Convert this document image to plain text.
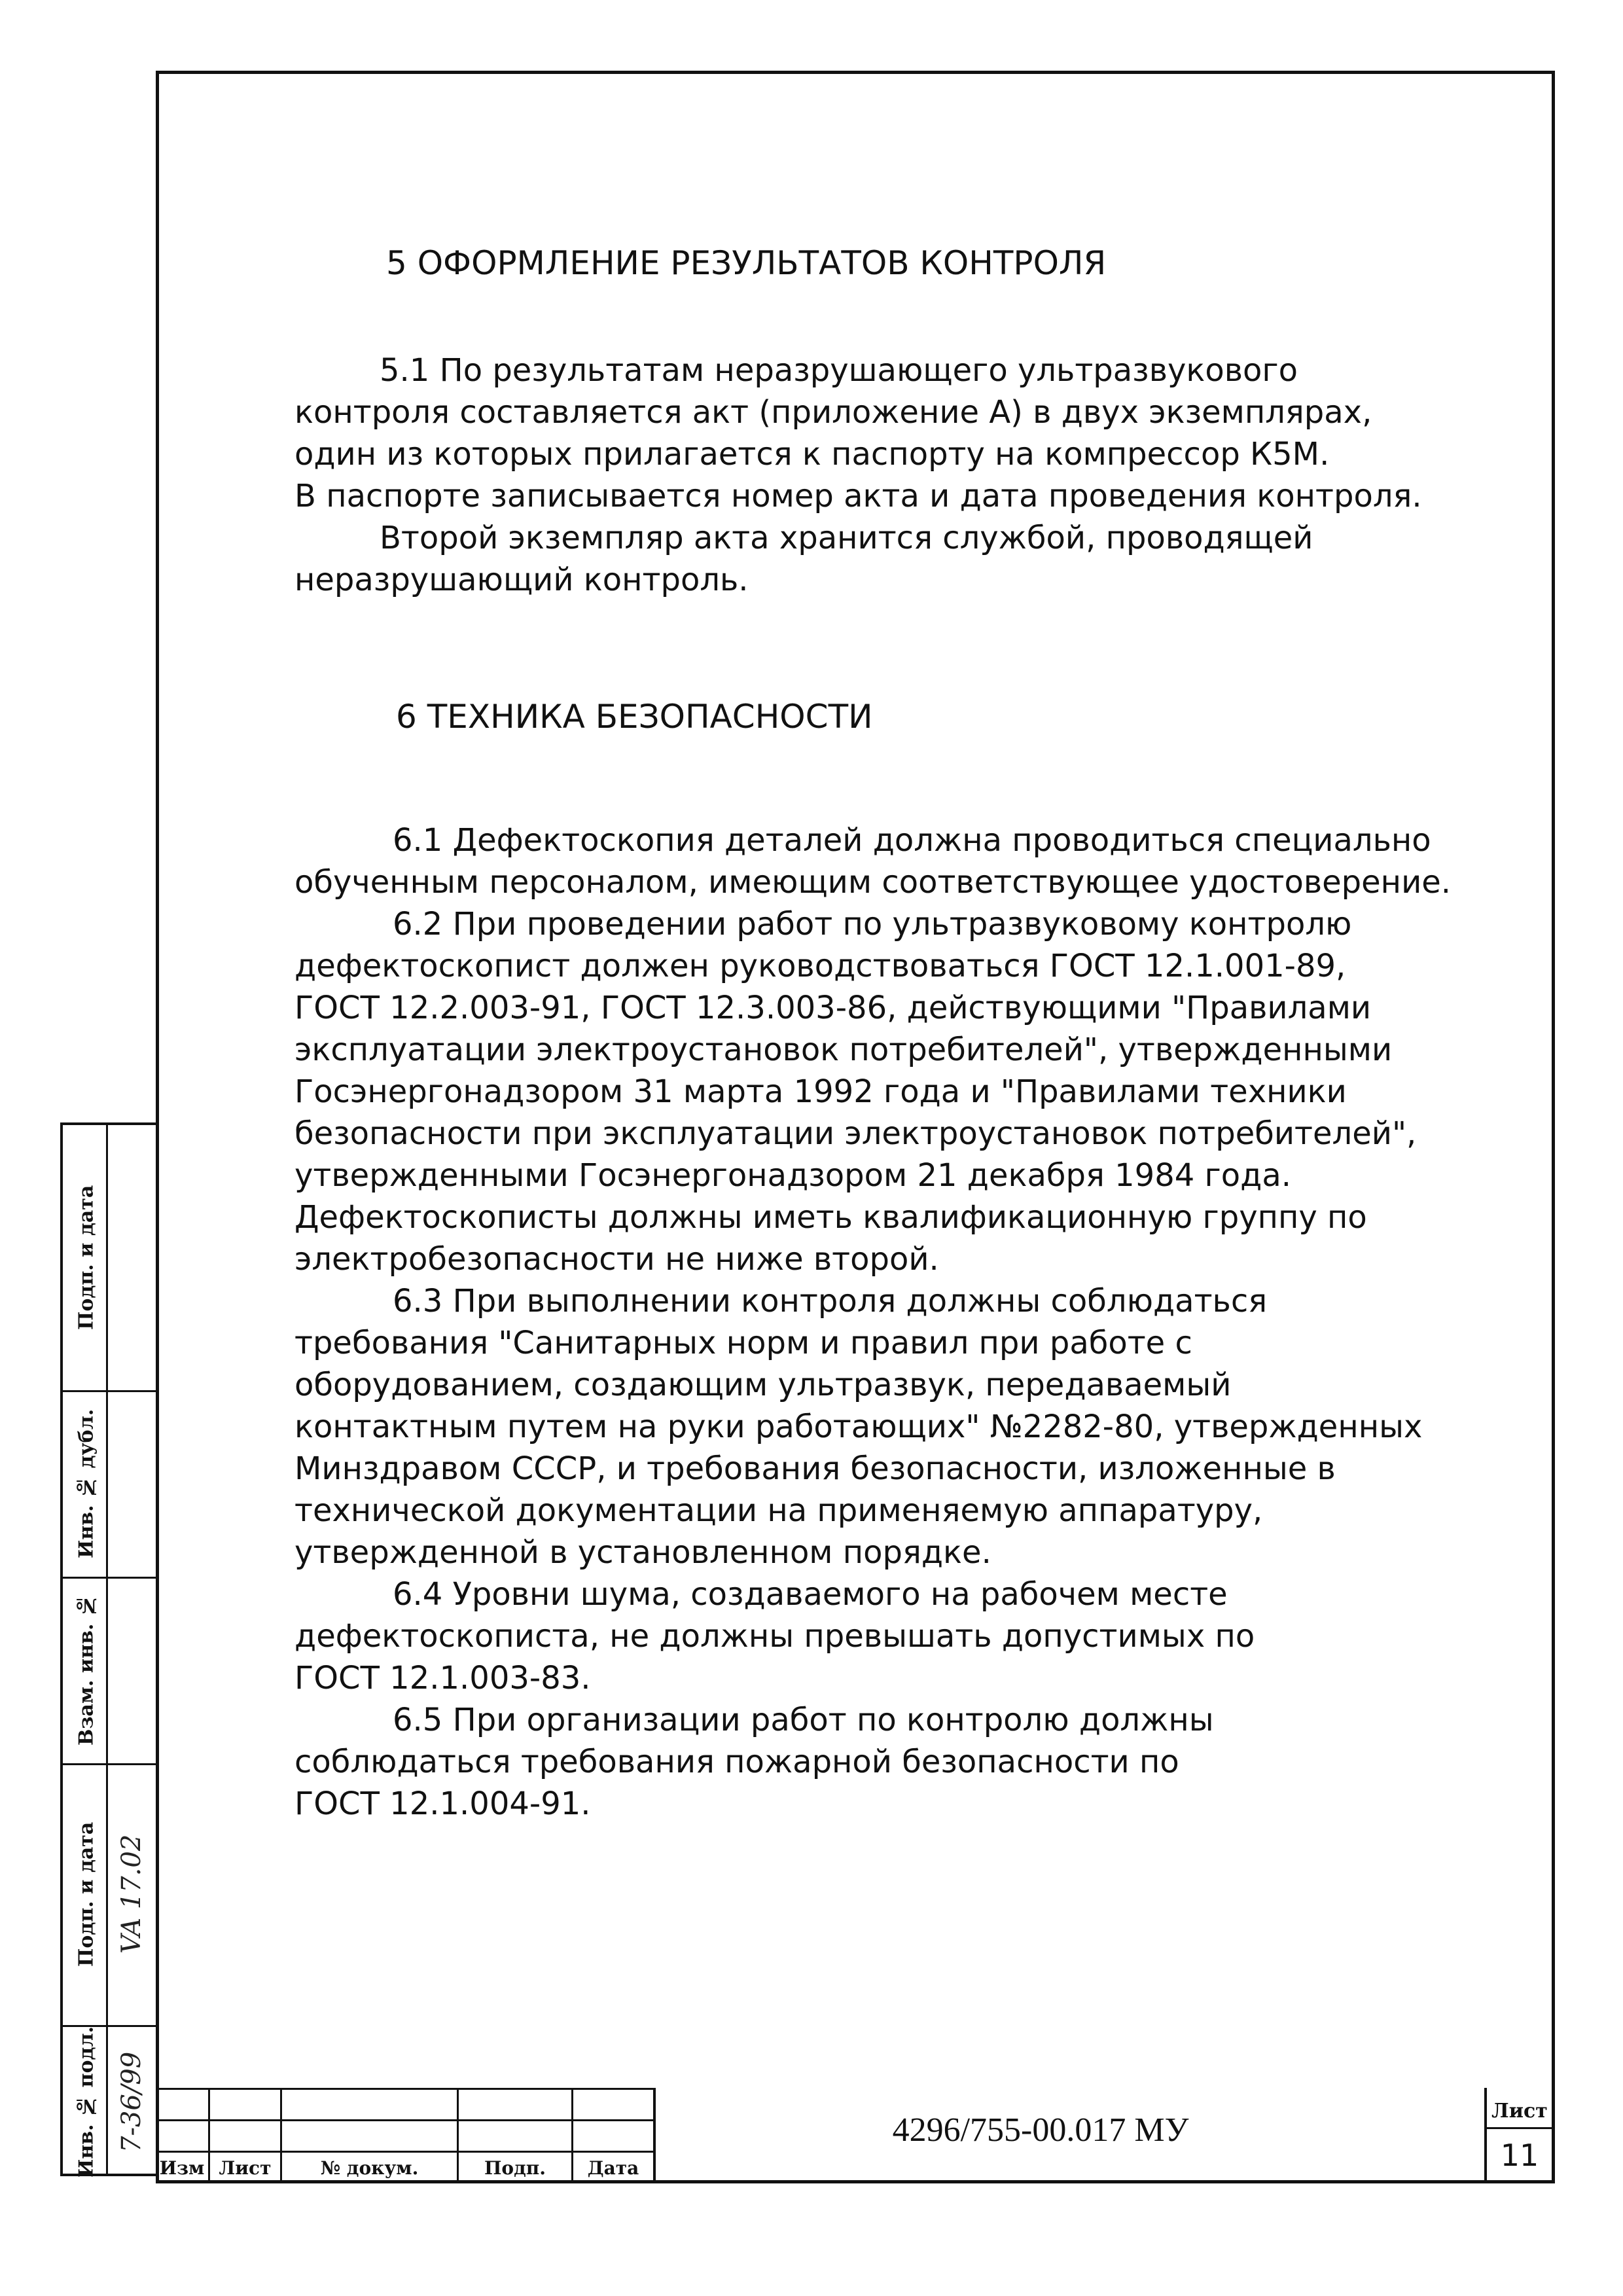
5 ОФОРМЛЕНИЕ РЕЗУЛЬТАТОВ КОНТРОЛЯ

5.1 По результатам неразрушающего ультразвукового
контроля составляется акт (приложение А) в двух экземплярах,
один из которых прилагается к паспорту на компрессор К5М.
В паспорте записывается номер акта и дата проведения контроля.

Второй экземпляр акта хранится службой, проводящей
неразрушающий контроль.

6 ТЕХНИКА БЕЗОПАСНОСТИ

6.1 Дефектоскопия деталей должна проводиться специально
обученным персоналом, имеющим соответствующее удостоверение.

6.2 При проведении работ по ультразвуковому контролю
дефектоскопист должен руководствоваться ГОСТ 12.1.001-89,
ГОСТ 12.2.003-91, ГОСТ 12.3.003-86, действующими "Правилами
эксплуатации электроустановок потребителей", утвержденными
Госэнергонадзором 31 марта 1992 года и "Правилами техники
безопасности при эксплуатации электроустановок потребителей",
утвержденными Госэнергонадзором 21 декабря 1984 года.
Дефектоскописты должны иметь квалификационную группу по
электробезопасности не ниже второй.

6.3 При выполнении контроля должны соблюдаться
требования "Санитарных норм и правил при работе с
оборудованием, создающим ультразвук, передаваемый
контактным путем на руки работающих" №2282-80, утвержденных
Минздравом СССР, и требования безопасности, изложенные в
технической документации на применяемую аппаратуру,
утвержденной в установленном порядке.

6.4 Уровни шума, создаваемого на рабочем месте
дефектоскописта, не должны превышать допустимых по
ГОСТ 12.1.003-83.

6.5 При организации работ по контролю должны
соблюдаться требования пожарной безопасности по
ГОСТ 12.1.004-91.

Подп. и дата
Инв. № дубл.
Взам. инв. №
Подп. и дата
Инв. № подл.
VA 17.02
7-36/99
Изм Лист	№ докум.	Подп.	Дата
4296/755-00.017 МУ
Лист
11
